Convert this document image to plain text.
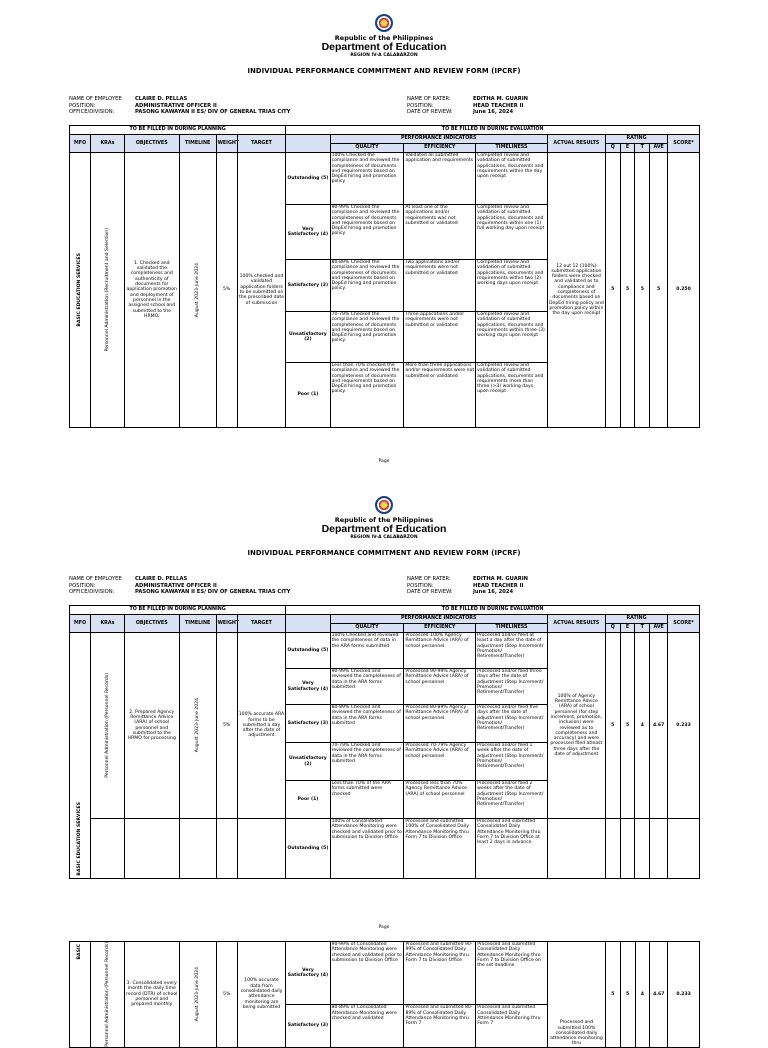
Republic of the Philippines
Department of Education
REGION IV-A CALABARZON
INDIVIDUAL PERFORMANCE COMMITMENT AND REVIEW FORM (IPCRF)
NAME OF EMPLOYEE	CLAIRE D. PELLAS
POSITION:	ADMINISTRATIVE OFFICER II
OFFICE/DIVISION:	PASONG KAWAYAN II ES/ DIV OF GENERAL TRIAS CITY
NAME OF RATER:	EDITHA M. GUARIN
POSITION:	HEAD TEACHER II
DATE OF REVIEW:	June 16, 2024
TO BE FILLED IN DURING PLANNING						TO BE FILLED IN DURING EVALUATION									
MFO	KRAs	OBJECTIVES	TIMELINE	WEIGHT	TARGET		PERFORMANCE INDICATORS			ACTUAL RESULTS	RATING				SCORE*
							QUALITY	EFFICIENCY	TIMELINESS		Q	E	T	AVE	

BASIC EDUCATION SERVICES	Personnel Administration (Recruitment and Selection)	1. Checked and validated the completeness and authenticity of documents for application promotion and deployment of personnel in the assigned school and submitted to the HRMO.	August 2023-June 2024	5%	100% checked and validated application folders to be submitted on the prescribed date of submission	Outstanding (5)	100% Checked the compliance and reviewed the completeness of documents and requirements based on DepEd hiring and promotion policy.	Validated all submitted application and requirements	Completed review and validation of submitted applications, documents and requirements within the day upon receipt	12 out 12 (100%) submitted application folders were checked and validated as to compliance and completeness of documents based on DepEd hiring policy and promotion policy within the day upon receipt	5	5	5	5	0.250
						Very Satisfactory (4)	90-99% Checked the compliance and reviewed the completeness of documents and requirements based on DepEd hiring and promotion policy.	At least one of the applications and/or requirements was not submitted or validated	Completed review and validation of submitted applications, documents and requirements within one (1) full working day upon receipt						
						Satisfactory (3)	80-89% Checked the compliance and reviewed the completeness of documents and requirements based on DepEd hiring and promotion policy.	Two applications and/or requirements were not submitted or validated	Completed review and validation of submitted applications, documents and requirements within two (2) working days upon receipt						
						Unsatisfactory (2)	70-79% Checked the compliance and reviewed the completeness of documents and requirements based on DepEd hiring and promotion policy.	Three applications and/or requirements were not submitted or validated	Completed review and validation of submitted applications, documents and requirements within three (3) working days upon receipt						
						Poor (1)	Less than 70% checked the compliance and reviewed the completeness of documents and requirements based on DepEd hiring and promotion policy.	More than three applications and/or requirements were not submitted or validated	Completed review and validation of submitted applications, documents and requirements more than three (>3) working days upon receipt						
Page
Republic of the Philippines
Department of Education
REGION IV-A CALABARZON
INDIVIDUAL PERFORMANCE COMMITMENT AND REVIEW FORM (IPCRF)
NAME OF EMPLOYEE	CLAIRE D. PELLAS
POSITION:	ADMINISTRATIVE OFFICER II
OFFICE/DIVISION:	PASONG KAWAYAN II ES/ DIV OF GENERAL TRIAS CITY
NAME OF RATER:	EDITHA M. GUARIN
POSITION:	HEAD TEACHER II
DATE OF REVIEW:	June 16, 2024
TO BE FILLED IN DURING PLANNING						TO BE FILLED IN DURING EVALUATION									
MFO	KRAs	OBJECTIVES	TIMELINE	WEIGHT	TARGET		PERFORMANCE INDICATORS			ACTUAL RESULTS	RATING				SCORE*
							QUALITY	EFFICIENCY	TIMELINESS		Q	E	T	AVE	

BASIC EDUCATION SERVICES	Personnel Administration (Personnel Records)	2. Prepared Agency Remittance Advice (ARA) of school personnel and submitted to the HRMO for processing	August 2023-June 2024	5%	100% accurate ARA forms to be submitted a day after the date of adjustment	Outstanding (5)	100% Checked and reviewed the completeness of data in the ARA forms submitted	Processed 100% Agency Remittance Advice (ARA) of school personnel	Processed and/or filed at least a day after the date of adjustment (Step Increment/ Promotion/ Retirement/Transfer)	100% of Agency Remittance Advice (ARA) of school personnel (for step increment, promotion, inclusion) were reviewed as to completeness and accuracy) and were processed filed atleast three days after the date of adjustment	5	5	4	4.67	0.233
						Very Satisfactory (4)	90-99% Checked and reviewed the completeness of data in the ARA forms submitted	Processed 90-99% Agency Remittance Advice (ARA) of school personnel	Processed and/or filed three days after the date of adjustment (Step Increment/ Promotion/ Retirement/Transfer)						
						Satisfactory (3)	80-89% Checked and reviewed the completeness of data in the ARA forms submitted	Processed 80-89% Agency Remittance Advice (ARA) of school personnel	Processed and/or filed five days after the date of adjustment (Step Increment/ Promotion/ Retirement/Transfer)						
						Unsatisfactory (2)	70-79% Checked and reviewed the completeness of data in the ARA forms submitted	Processed 70-79% Agency Remittance Advice (ARA) of school personnel	Processed and/or filed 1 week after the date of adjustment (Step Increment/ Promotion/ Retirement/Transfer)						
						Poor (1)	Less than 70% of the ARA forms submitted were checked	Processed less than 70% Agency Remittance Advice (ARA) of school personnel	Processed and/or filed 2 weeks after the date of adjustment (Step Increment/ Promotion/ Retirement/Transfer)						
						Outstanding (5)	100% of Consolidated Attendance Monitoring were checked and validated prior to submission to Division Office	Processed and submitted 100% of Consolidated Daily Attendance Monitoring thru Form 7 to Division Office	Processed and submitted Consolidated Daily Attendance Monitoring thru Form 7 to Division Office at least 2 days in advance						
Page
BASIC	Personnel Administration (Personnel Records)	3. Consolidated every month the daily time record (DTR) of school personnel and prepared monthly	August 2023-June 2024	5%	100% accurate data from consolidated daily attendance monitoring are being submitted	Very Satisfactory (4)	90-99% of Consolidated Attendance Monitoring were checked and validated prior to submission to Division Office	Processed and submitted 90-99% of Consolidated Daily Attendance Monitoring thru Form 7 to Division Office	Processed and submitted Consolidated Daily Attendance Monitoring thru Form 7 to Division Office on the set deadline	Processed and submitted 100% consolidated daily attendance monitoring thru	5	5	4	4.67	0.233
						Satisfactory (3)	80-89% of Consolidated Attendance Monitoring were checked and validated	Processed and submitted 80-89% of Consolidated Daily Attendance Monitoring thru Form 7	Processed and submitted Consolidated Daily Attendance Monitoring thru Form 7						
